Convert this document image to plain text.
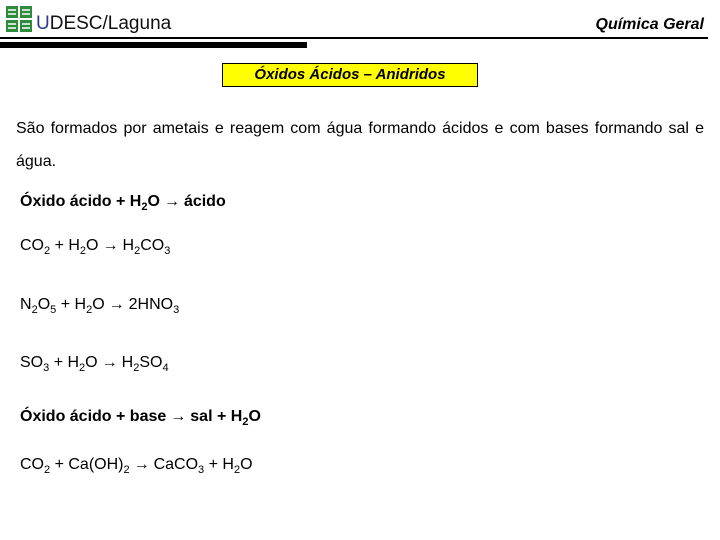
UDESC/Laguna	Química Geral
Óxidos Ácidos – Anidridos
São formados por ametais e reagem com água formando ácidos e com bases formando sal e água.
Óxido ácido + $H_2O$ → ácido
$CO_2 + H_2O \to H_2CO_3$
$N_2O_5 + H_2O \to 2HNO_3$
$SO_3 + H_2O \to H_2SO_4$
Óxido ácido + base → sal + $H_2O$
$CO_2 + Ca(OH)_2$ → CaCO$_3$ + $H_2O$
